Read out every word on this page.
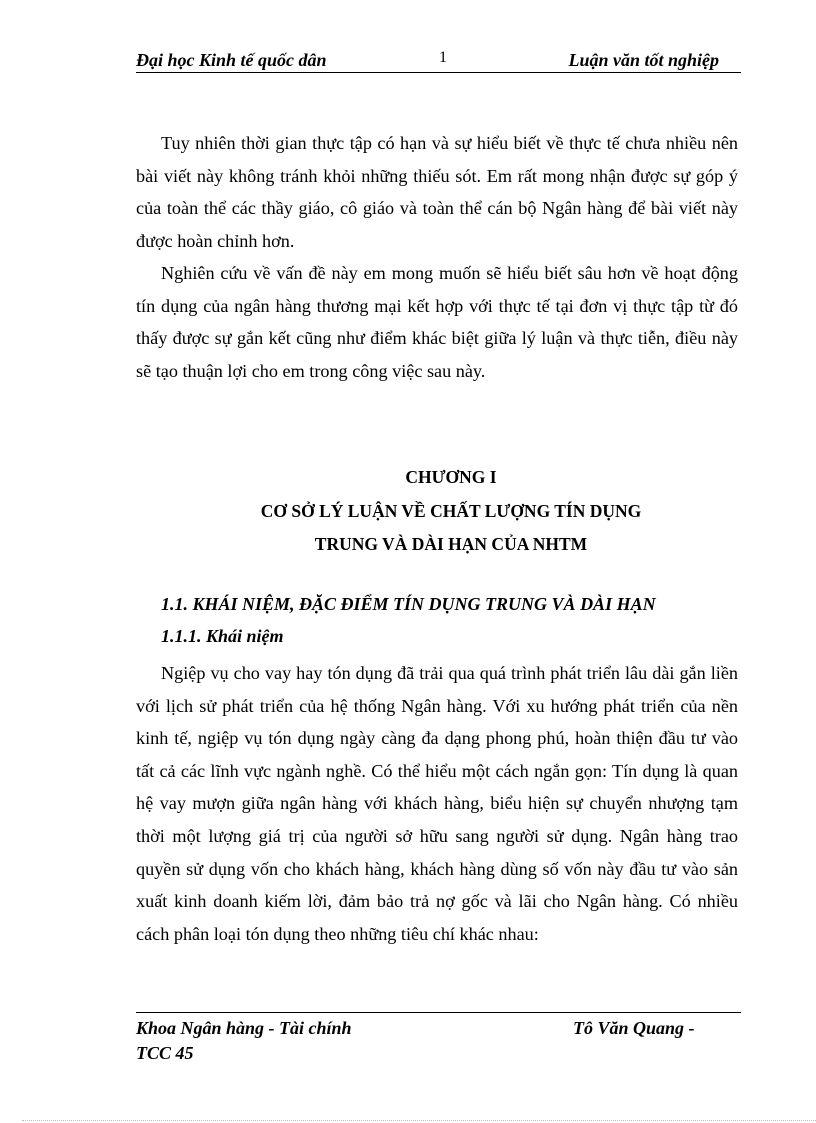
Đại học Kinh tế quốc dân	1	Luận văn tốt nghiệp

Tuy nhiên thời gian thực tập có hạn và sự hiểu biết về thực tế chưa nhiều nên bài viết này không tránh khỏi những thiếu sót. Em rất mong nhận được sự góp ý của toàn thể các thầy giáo, cô giáo và toàn thể cán bộ Ngân hàng để bài viết này được hoàn chỉnh hơn.

Nghiên cứu về vấn đề này em mong muốn sẽ hiểu biết sâu hơn về hoạt động tín dụng của ngân hàng thương mại kết hợp với thực tế tại đơn vị thực tập từ đó thấy được sự gắn kết cũng như điểm khác biệt giữa lý luận và thực tiễn, điều này sẽ tạo thuận lợi cho em trong công việc sau này.

CHƯƠNG I
CƠ SỞ LÝ LUẬN VỀ CHẤT LƯỢNG TÍN DỤNG
TRUNG VÀ DÀI HẠN CỦA NHTM
1.1. KHÁI NIỆM, ĐẶC ĐIỂM TÍN DỤNG TRUNG VÀ DÀI HẠN
1.1.1. Khái niệm

Ngiệp vụ cho vay hay tón dụng đã trải qua quá trình phát triển lâu dài gắn liền với lịch sử phát triển của hệ thống Ngân hàng. Với xu hướng phát triển của nền kinh tế, ngiệp vụ tón dụng ngày càng đa dạng phong phú, hoàn thiện đầu tư vào tất cả các lĩnh vực ngành nghề. Có thể hiểu một cách ngắn gọn: Tín dụng là quan hệ vay mượn giữa ngân hàng với khách hàng, biểu hiện sự chuyển nhượng tạm thời một lượng giá trị của người sở hữu sang người sử dụng. Ngân hàng trao quyền sử dụng vốn cho khách hàng, khách hàng dùng số vốn này đầu tư vào sản xuất kinh doanh kiếm lời, đảm bảo trả nợ gốc và lãi cho Ngân hàng. Có nhiều cách phân loại tón dụng theo những tiêu chí khác nhau:

Khoa Ngân hàng - Tài chính	Tô Văn Quang -
TCC 45
